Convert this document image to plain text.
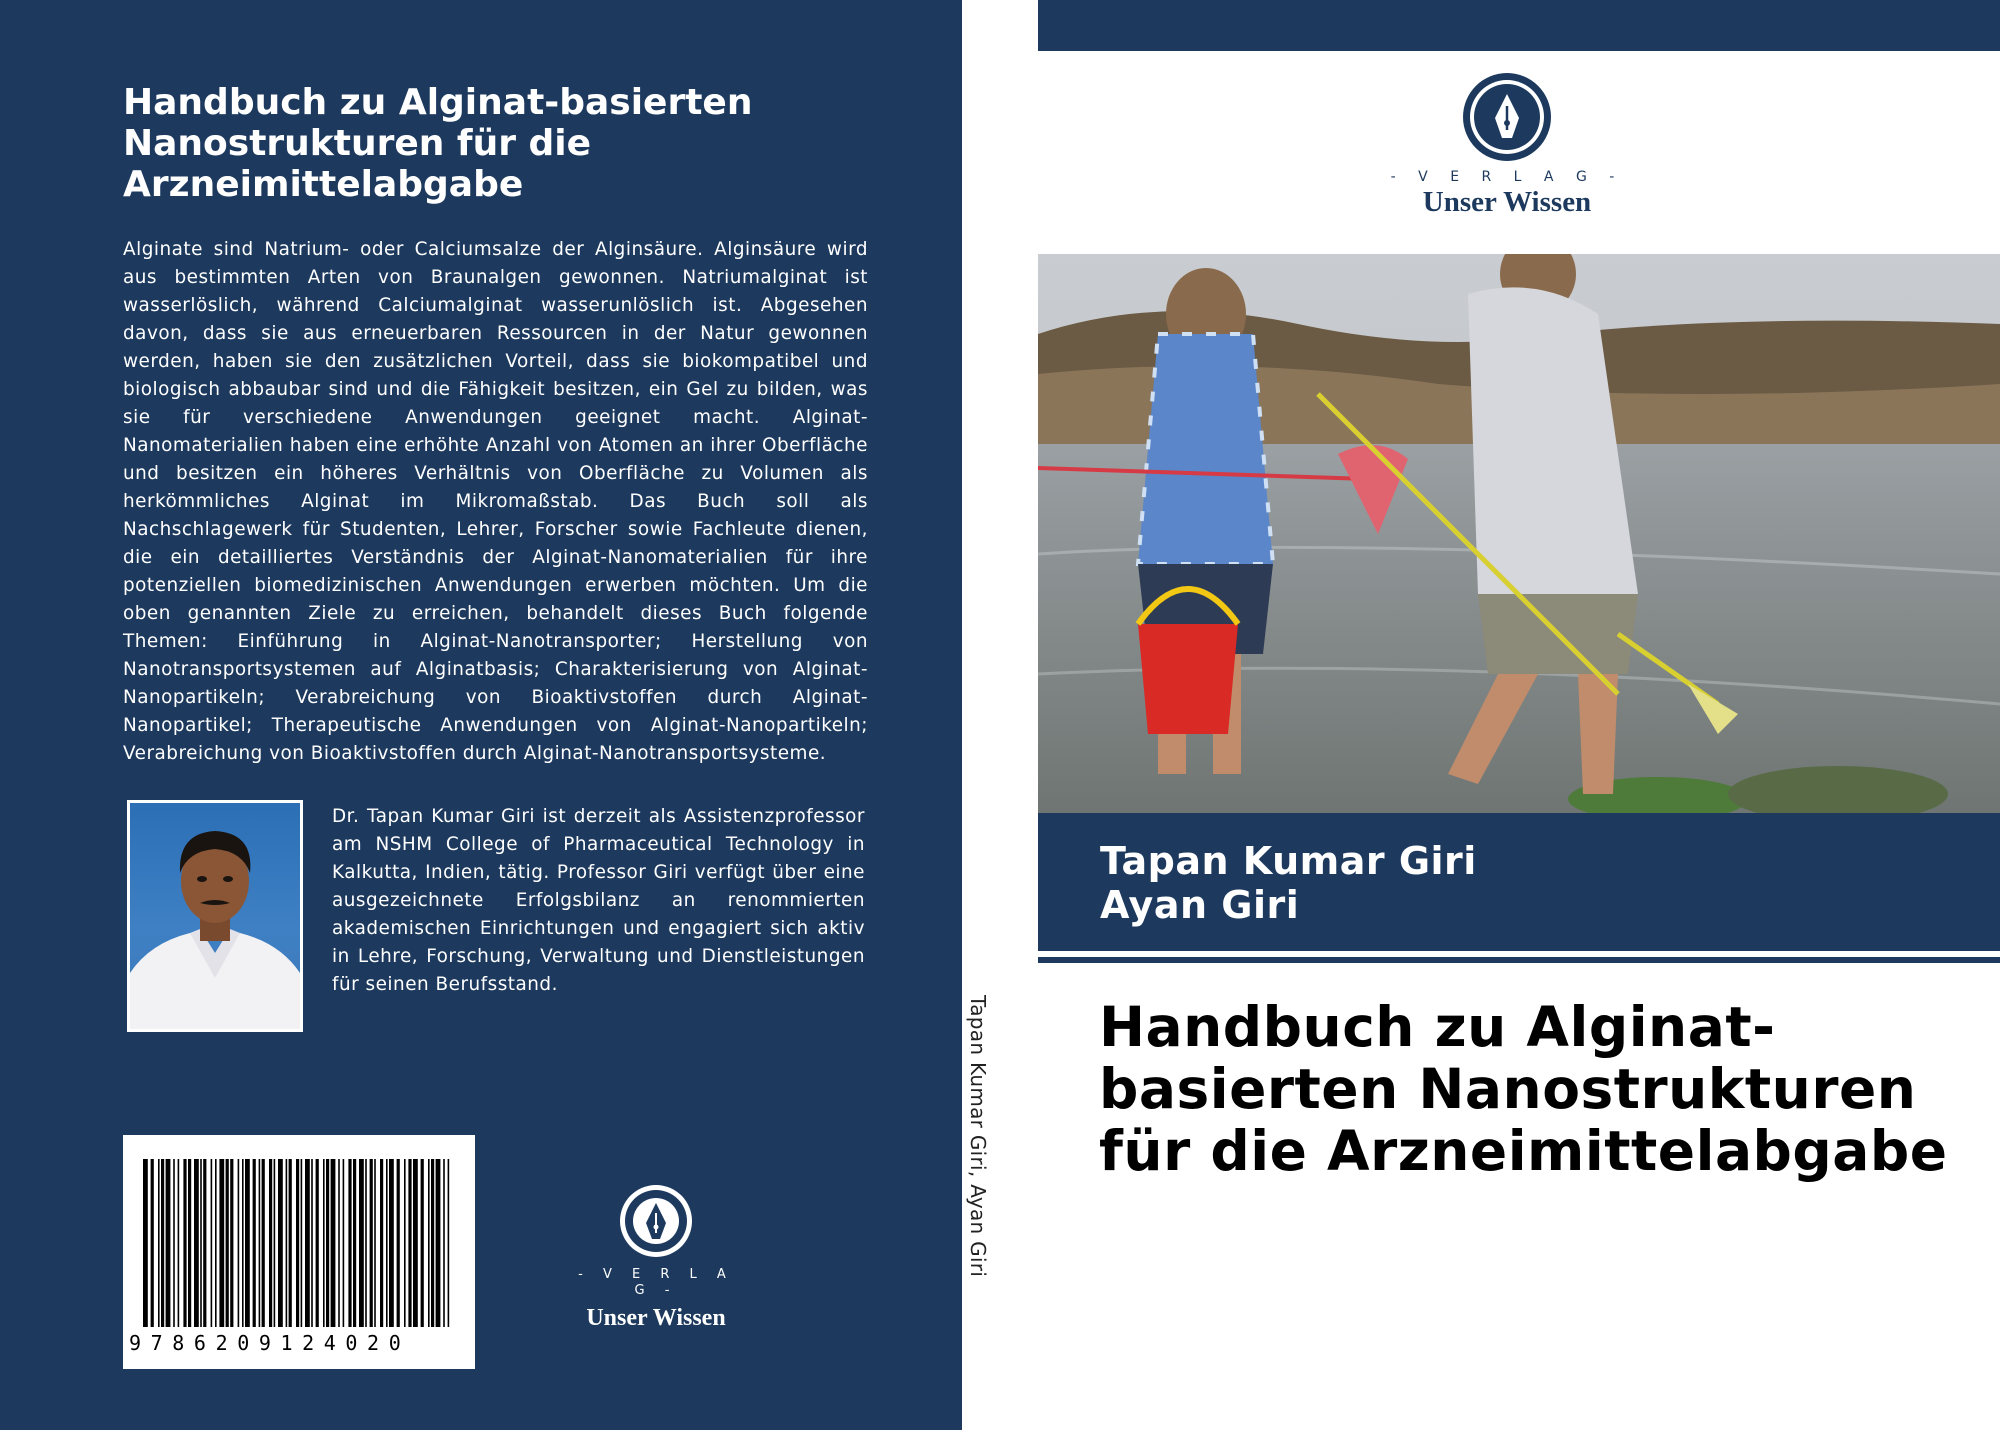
Handbuch zu Alginat-basierten Nanostrukturen für die Arzneimittelabgabe

Alginate sind Natrium- oder Calciumsalze der Alginsäure. Alginsäure wird aus bestimmten Arten von Braunalgen gewonnen. Natriumalginat ist wasserlöslich, während Calciumalginat wasserunlöslich ist. Abgesehen davon, dass sie aus erneuerbaren Ressourcen in der Natur gewonnen werden, haben sie den zusätzlichen Vorteil, dass sie biokompatibel und biologisch abbaubar sind und die Fähigkeit besitzen, ein Gel zu bilden, was sie für verschiedene Anwendungen geeignet macht. Alginat-Nanomaterialien haben eine erhöhte Anzahl von Atomen an ihrer Oberfläche und besitzen ein höheres Verhältnis von Oberfläche zu Volumen als herkömmliches Alginat im Mikromaßstab. Das Buch soll als Nachschlagewerk für Studenten, Lehrer, Forscher sowie Fachleute dienen, die ein detailliertes Verständnis der Alginat-Nanomaterialien für ihre potenziellen biomedizinischen Anwendungen erwerben möchten. Um die oben genannten Ziele zu erreichen, behandelt dieses Buch folgende Themen: Einführung in Alginat-Nanotransporter; Herstellung von Nanotransportsystemen auf Alginatbasis; Charakterisierung von Alginat-Nanopartikeln; Verabreichung von Bioaktivstoffen durch Alginat-Nanopartikel; Therapeutische Anwendungen von Alginat-Nanopartikeln; Verabreichung von Bioaktivstoffen durch Alginat-Nanotransportsysteme.

Dr. Tapan Kumar Giri ist derzeit als Assistenzprofessor am NSHM College of Pharmaceutical Technology in Kalkutta, Indien, tätig. Professor Giri verfügt über eine ausgezeichnete Erfolgsbilanz an renommierten akademischen Einrichtungen und engagiert sich aktiv in Lehre, Forschung, Verwaltung und Dienstleistungen für seinen Berufsstand.

9786209124020
- V E R L A G -
Unser Wissen
Tapan Kumar Giri, Ayan Giri
- V E R L A G -
Unser Wissen
Tapan Kumar Giri
Ayan Giri
Handbuch zu Alginat-basierten Nanostrukturen für die Arzneimittelabgabe
